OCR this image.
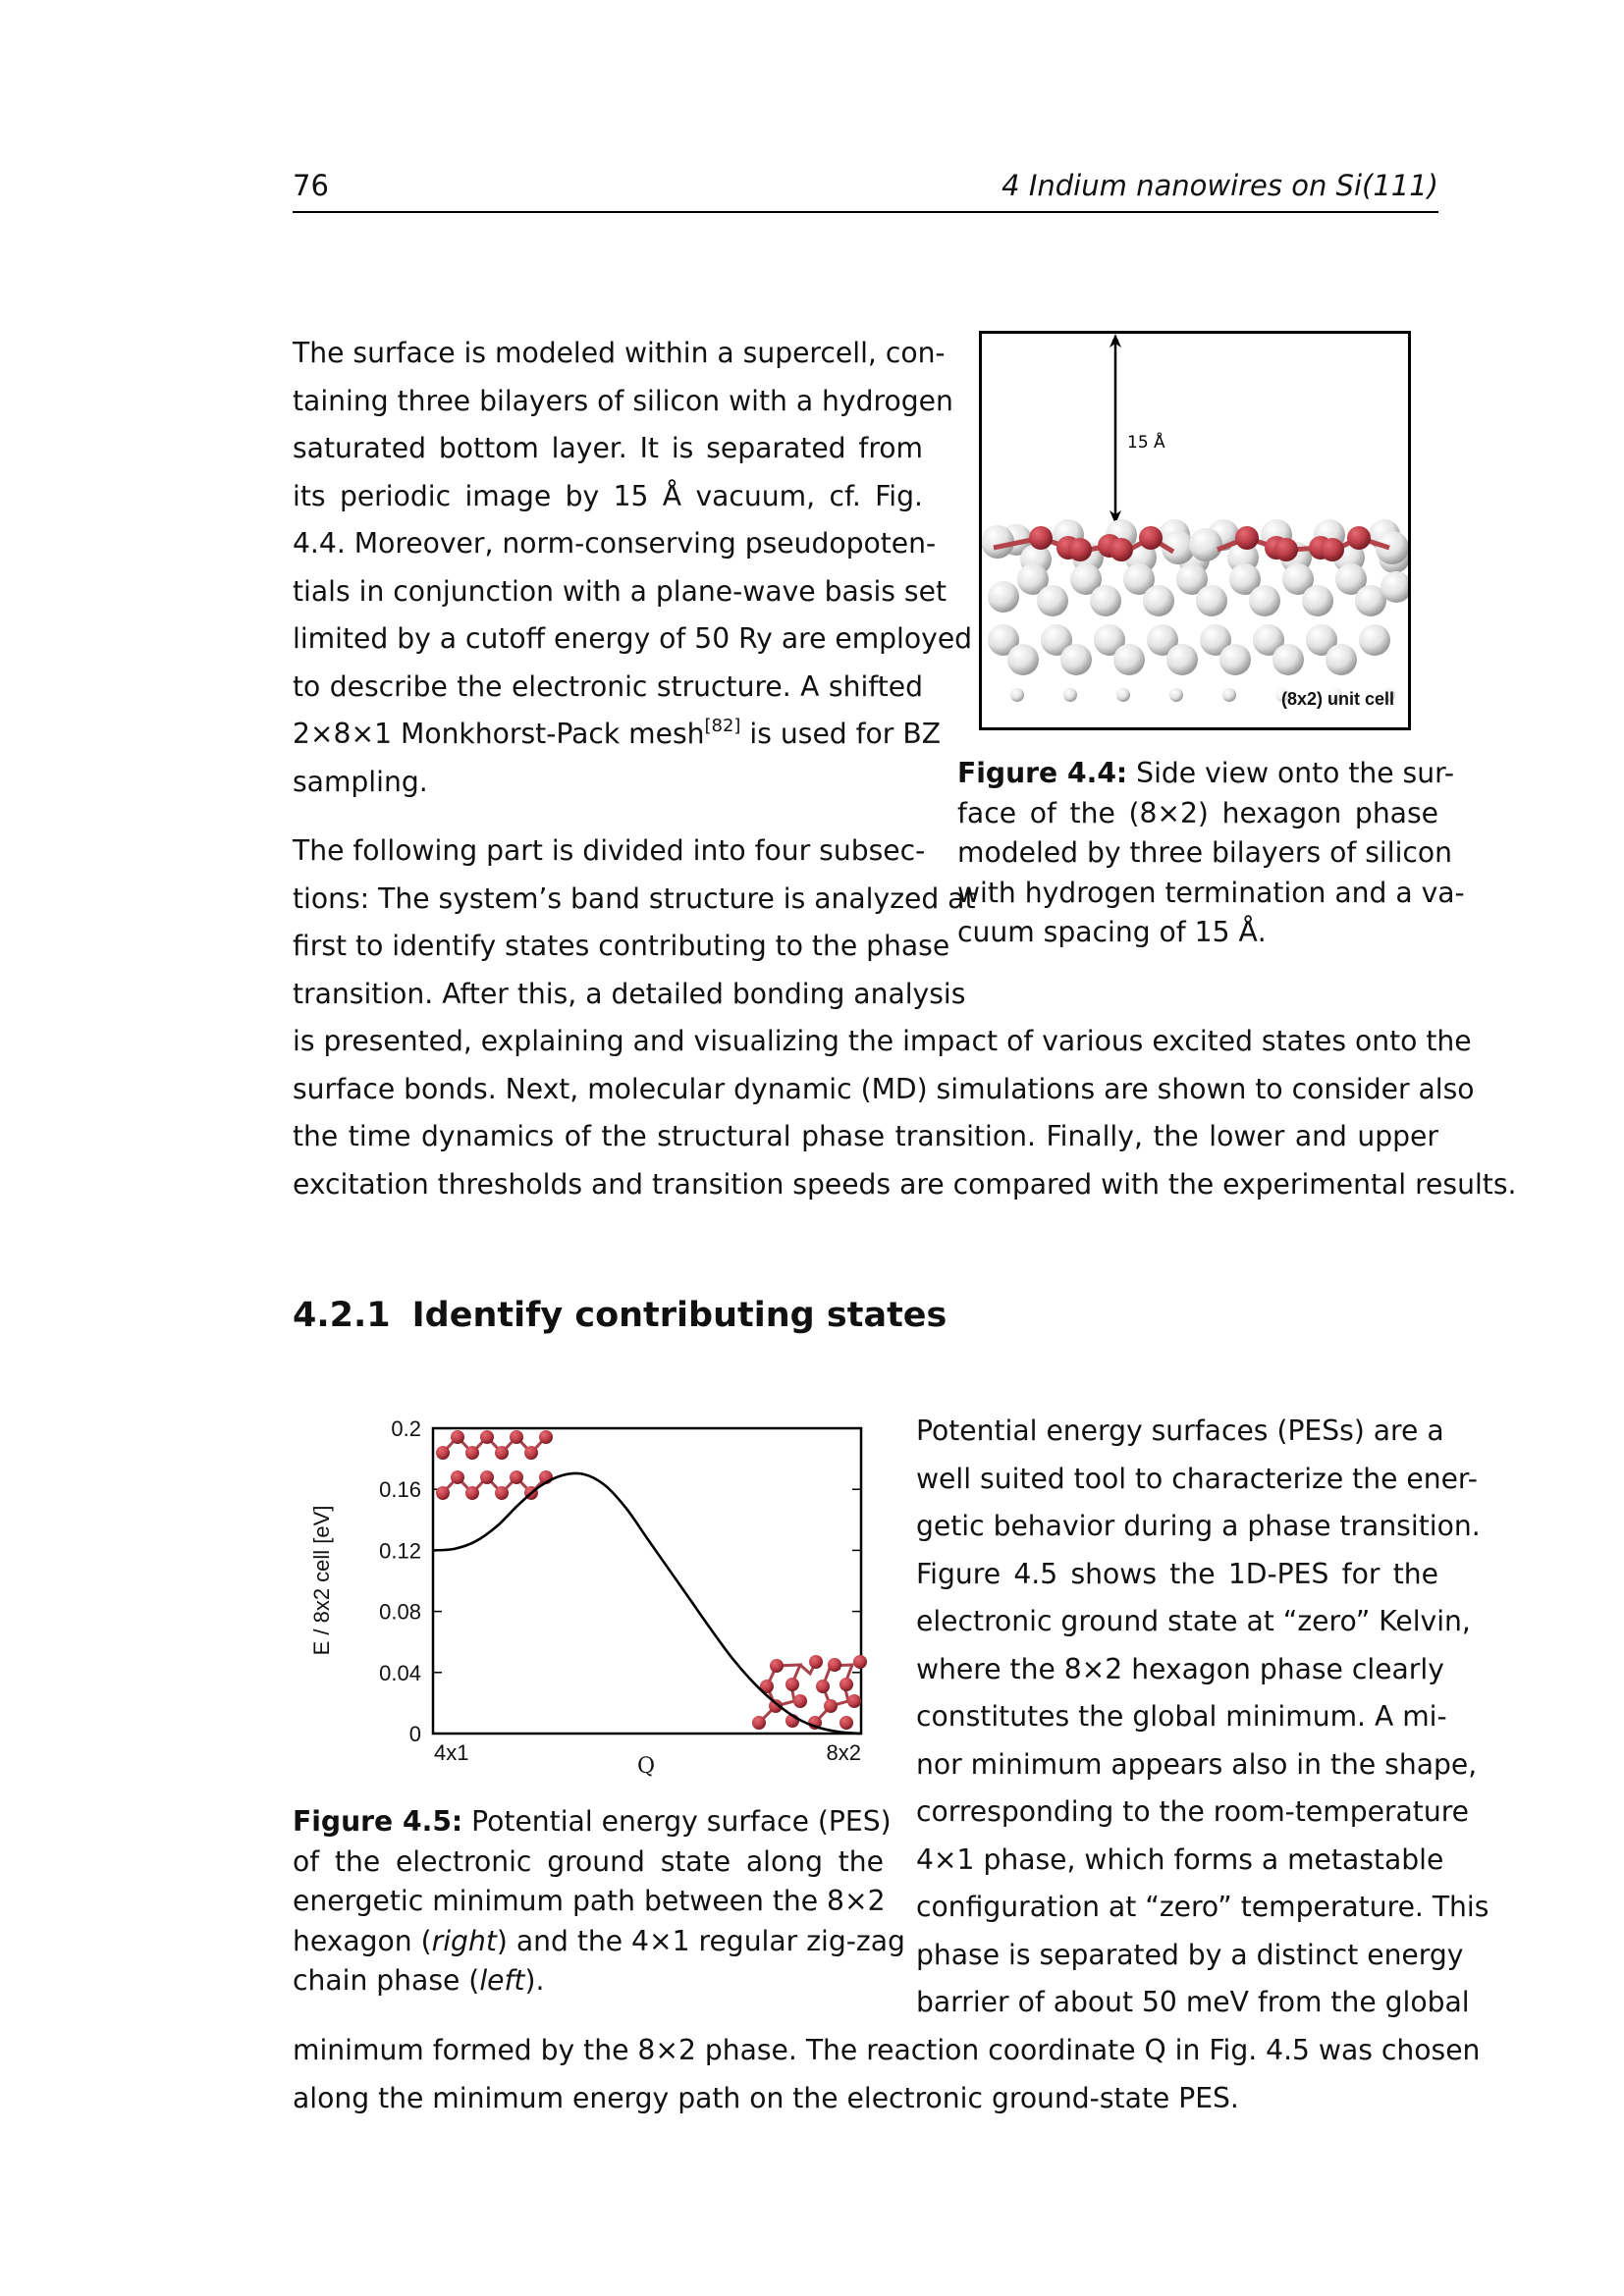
76	4 Indium nanowires on Si(111)
The surface is modeled within a supercell, con-
taining three bilayers of silicon with a hydrogen
saturated bottom layer. It is separated from
its periodic image by 15 Å vacuum, cf. Fig.
4.4. Moreover, norm-conserving pseudopoten-
tials in conjunction with a plane-wave basis set
limited by a cutoff energy of 50 Ry are employed
to describe the electronic structure. A shifted
2×8×1 Monkhorst-Pack mesh[82] is used for BZ
sampling.
15 Å
(8x2) unit cell
Figure 4.4: Side view onto the sur-
face of the (8×2) hexagon phase
modeled by three bilayers of silicon
with hydrogen termination and a va-
cuum spacing of 15 Å.
The following part is divided into four subsec-
tions: The system’s band structure is analyzed at
first to identify states contributing to the phase
transition. After this, a detailed bonding analysis
is presented, explaining and visualizing the impact of various excited states onto the
surface bonds. Next, molecular dynamic (MD) simulations are shown to consider also
the time dynamics of the structural phase transition. Finally, the lower and upper
excitation thresholds and transition speeds are compared with the experimental results.
4.2.1 Identify contributing states
0
0.04
0.08
0.12
0.16
0.2
E / 8x2 cell [eV]
4x1	8x2
Q
Figure 4.5: Potential energy surface (PES)
of the electronic ground state along the
energetic minimum path between the 8×2
hexagon (right) and the 4×1 regular zig-zag
chain phase (left).
Potential energy surfaces (PESs) are a
well suited tool to characterize the ener-
getic behavior during a phase transition.
Figure 4.5 shows the 1D-PES for the
electronic ground state at “zero” Kelvin,
where the 8×2 hexagon phase clearly
constitutes the global minimum. A mi-
nor minimum appears also in the shape,
corresponding to the room-temperature
4×1 phase, which forms a metastable
configuration at “zero” temperature. This
phase is separated by a distinct energy
barrier of about 50 meV from the global
minimum formed by the 8×2 phase. The reaction coordinate Q in Fig. 4.5 was chosen
along the minimum energy path on the electronic ground-state PES.
